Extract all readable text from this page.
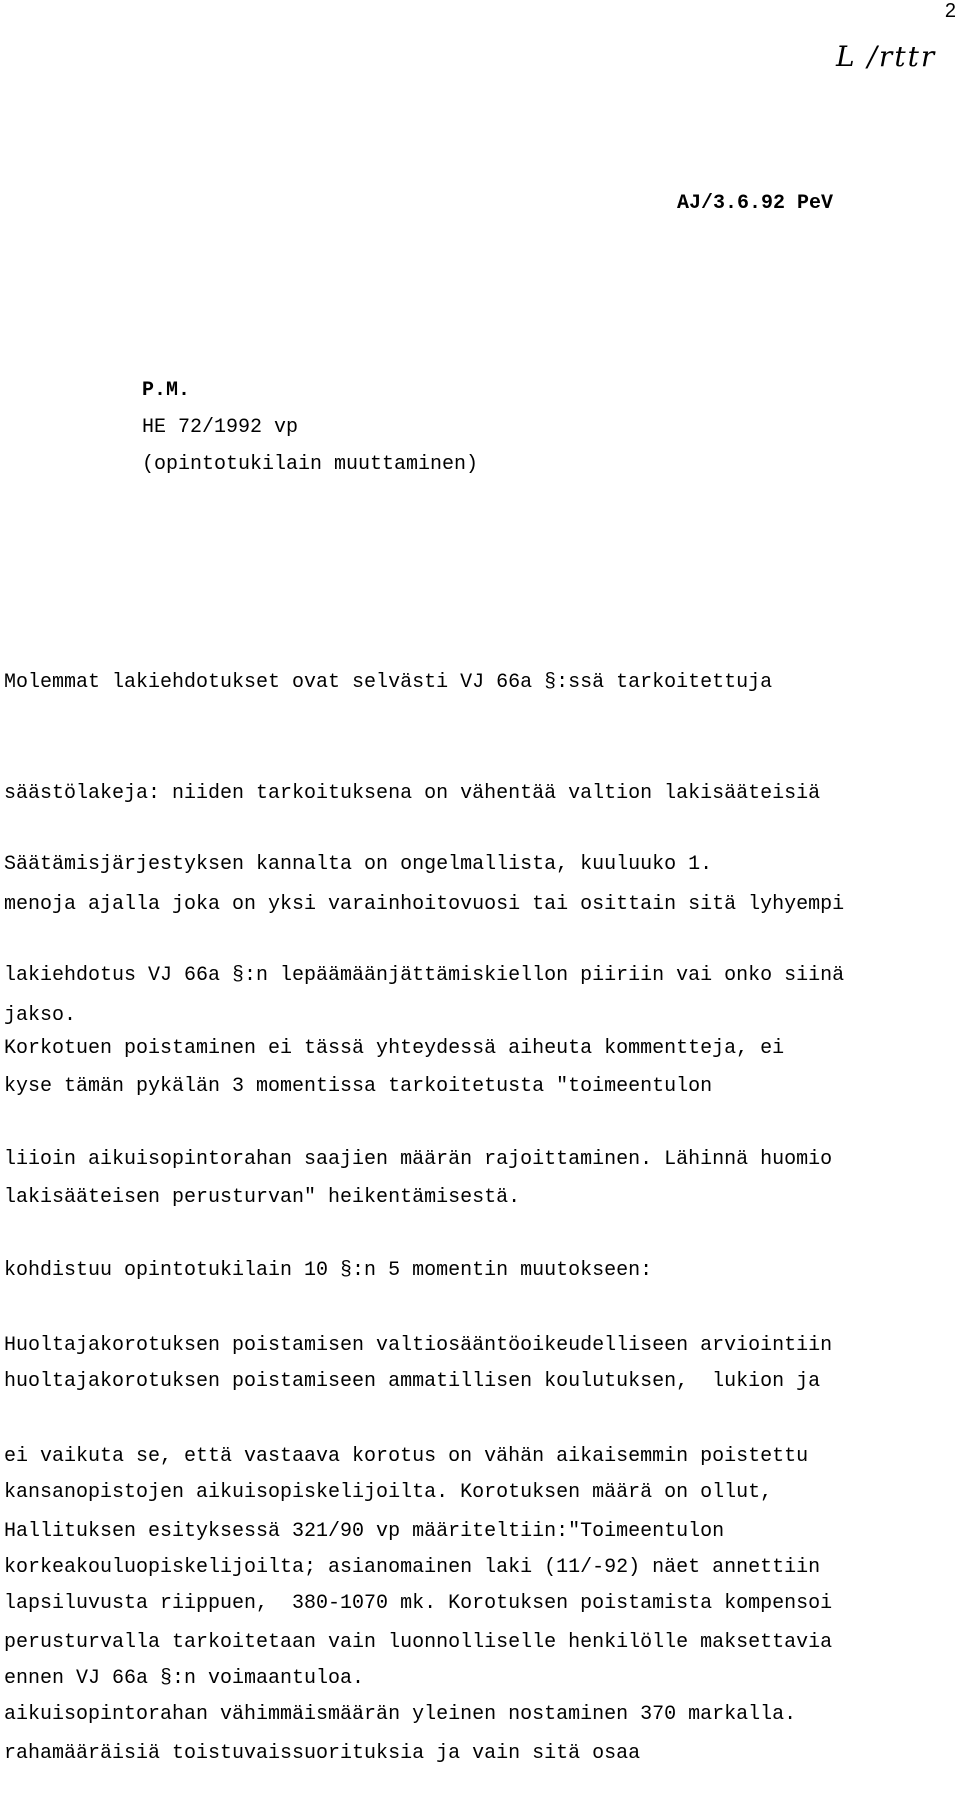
2
L /rttr
AJ/3.6.92 PeV
P.M.
HE 72/1992 vp
(opintotukilain muuttaminen)

Molemmat lakiehdotukset ovat selvästi VJ 66a §:ssä tarkoitettuja

säästölakeja: niiden tarkoituksena on vähentää valtion lakisääteisiä

menoja ajalla joka on yksi varainhoitovuosi tai osittain sitä lyhyempi

jakso.

Säätämisjärjestyksen kannalta on ongelmallista, kuuluuko 1.

lakiehdotus VJ 66a §:n lepäämäänjättämiskiellon piiriin vai onko siinä

kyse tämän pykälän 3 momentissa tarkoitetusta "toimeentulon

lakisääteisen perusturvan" heikentämisestä.

Korkotuen poistaminen ei tässä yhteydessä aiheuta kommentteja, ei

liioin aikuisopintorahan saajien määrän rajoittaminen. Lähinnä huomio

kohdistuu opintotukilain 10 §:n 5 momentin muutokseen:

huoltajakorotuksen poistamiseen ammatillisen koulutuksen,  lukion ja

kansanopistojen aikuisopiskelijoilta. Korotuksen määrä on ollut,

lapsiluvusta riippuen,  380-1070 mk. Korotuksen poistamista kompensoi

aikuisopintorahan vähimmäismäärän yleinen nostaminen 370 markalla.

Huoltajakorotuksen poistamisen valtiosääntöoikeudelliseen arviointiin

ei vaikuta se, että vastaava korotus on vähän aikaisemmin poistettu

korkeakouluopiskelijoilta; asianomainen laki (11/-92) näet annettiin

ennen VJ 66a §:n voimaantuloa.

Hallituksen esityksessä 321/90 vp määriteltiin:"Toimeentulon

perusturvalla tarkoitetaan vain luonnolliselle henkilölle maksettavia

rahamääräisiä toistuvaissuorituksia ja vain sitä osaa
